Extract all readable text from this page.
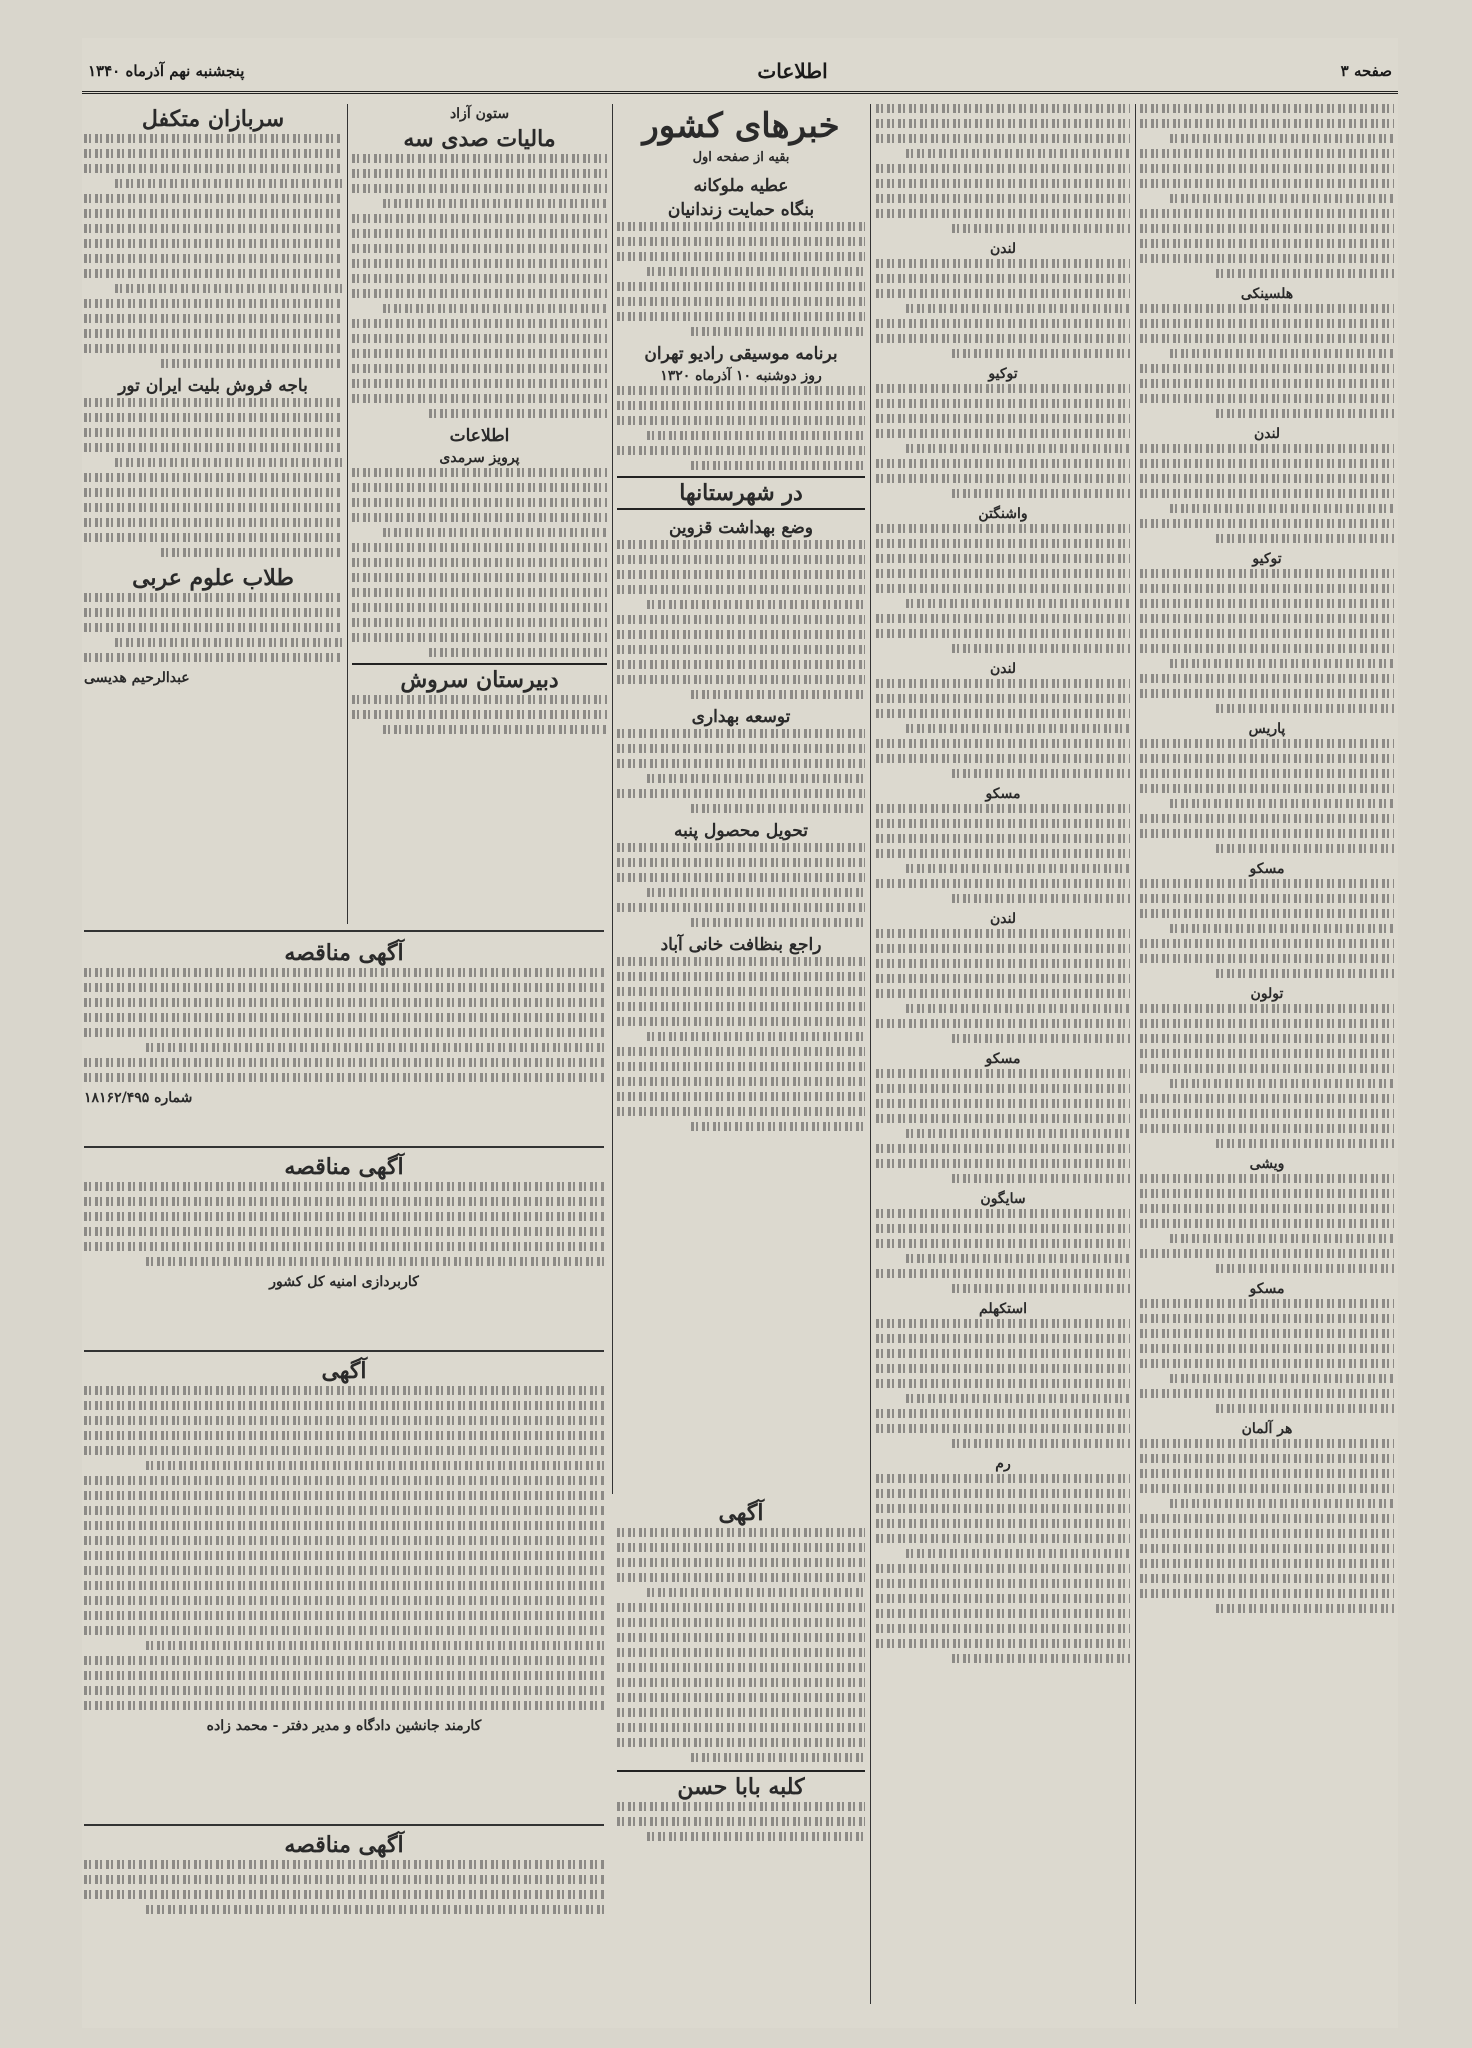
صفحه ۳
اطلاعات
پنجشنبه نهم آذرماه ۱۳۴۰
هلسینکی
لندن
توکیو
پاریس
مسکو
تولون
ویشی
مسکو
هر آلمان
لندن
توکیو
واشنگتن
لندن
مسکو
لندن
مسکو
سایگون
استکهلم
رم
خبرهای کشور
بقیه از صفحه اول
عطیه ملوکانه
بنگاه حمایت زندانیان
برنامه موسیقی رادیو تهران
روز دوشنبه ۱۰ آذرماه ۱۳۲۰
در شهرستانها
وضع بهداشت قزوین
توسعه بهداری
تحویل محصول پنبه
راجع بنظافت خانی آباد
آگهی
کلبه بابا حسن
ستون آزاد
مالیات صدی سه
اطلاعات
پرویز سرمدی
دبیرستان سروش
سربازان متکفل
باجه فروش بلیت ایران تور
طلاب علوم عربی
عبدالرحیم هدیسی
آگهی مناقصه
شماره ۱۸۱۶۲/۴۹۵
آگهی مناقصه
کاربردازی امنیه کل کشور
آگهی
کارمند جانشین دادگاه و مدیر دفتر - محمد زاده
آگهی مناقصه
